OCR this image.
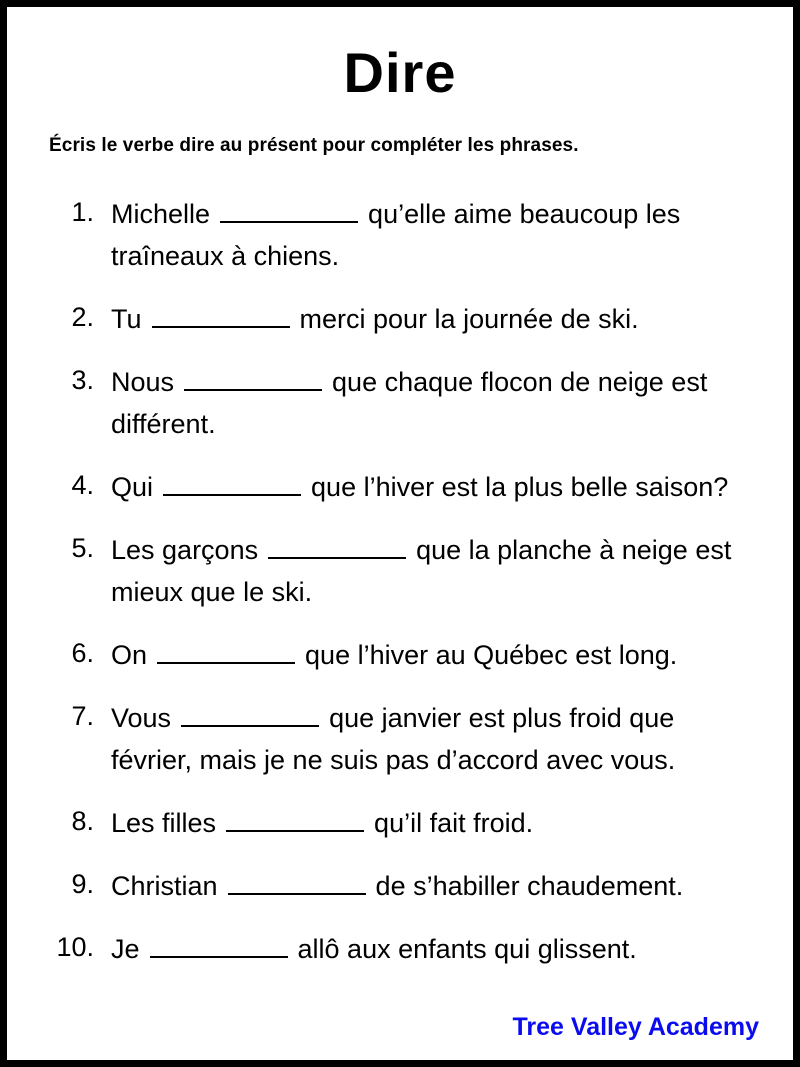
Dire
Écris le verbe dire au présent pour compléter les phrases.
1. Michelle	qu’elle aime beaucoup les traîneaux à chiens.
2. Tu	merci pour la journée de ski.
3. Nous	que chaque flocon de neige est différent.
4. Qui	que l’hiver est la plus belle saison?
5. Les garçons	que la planche à neige est mieux que le ski.
6. On	que l’hiver au Québec est long.
7. Vous	que janvier est plus froid que février, mais je ne suis pas d’accord avec vous.
8. Les filles	qu’il fait froid.
9. Christian	de s’habiller chaudement.
10. Je	allô aux enfants qui glissent.
Tree Valley Academy
